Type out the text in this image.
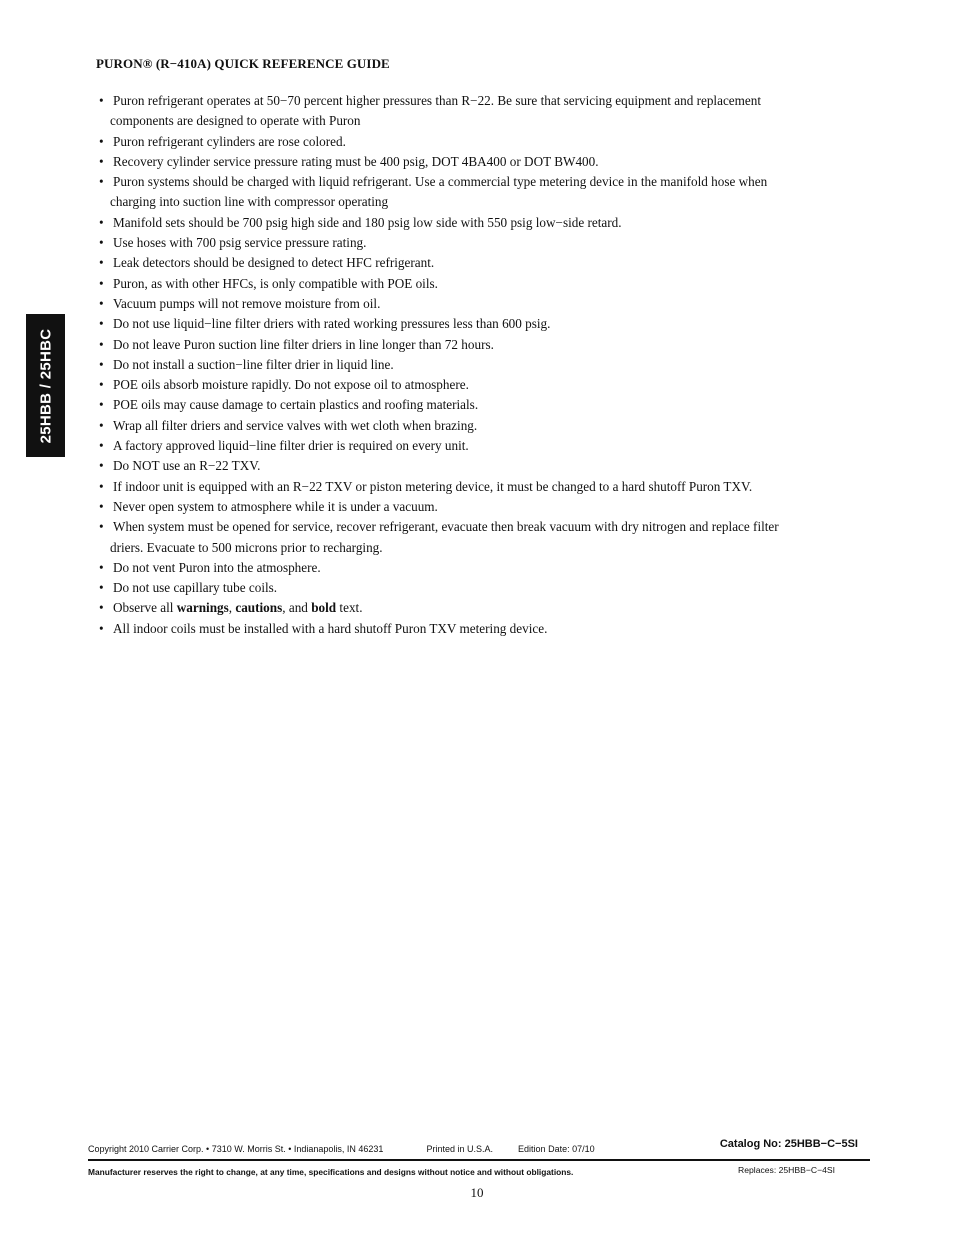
25HBB / 25HBC
PURON® (R−410A) QUICK REFERENCE GUIDE
• Puron refrigerant operates at 50−70 percent higher pressures than R−22. Be sure that servicing equipment and replacement
components are designed to operate with Puron
• Puron refrigerant cylinders are rose colored.
• Recovery cylinder service pressure rating must be 400 psig, DOT 4BA400 or DOT BW400.
• Puron systems should be charged with liquid refrigerant. Use a commercial type metering device in the manifold hose when
charging into suction line with compressor operating
• Manifold sets should be 700 psig high side and 180 psig low side with 550 psig low−side retard.
• Use hoses with 700 psig service pressure rating.
• Leak detectors should be designed to detect HFC refrigerant.
• Puron, as with other HFCs, is only compatible with POE oils.
• Vacuum pumps will not remove moisture from oil.
• Do not use liquid−line filter driers with rated working pressures less than 600 psig.
• Do not leave Puron suction line filter driers in line longer than 72 hours.
• Do not install a suction−line filter drier in liquid line.
• POE oils absorb moisture rapidly. Do not expose oil to atmosphere.
• POE oils may cause damage to certain plastics and roofing materials.
• Wrap all filter driers and service valves with wet cloth when brazing.
• A factory approved liquid−line filter drier is required on every unit.
• Do NOT use an R−22 TXV.
• If indoor unit is equipped with an R−22 TXV or piston metering device, it must be changed to a hard shutoff Puron TXV.
• Never open system to atmosphere while it is under a vacuum.
• When system must be opened for service, recover refrigerant, evacuate then break vacuum with dry nitrogen and replace filter
driers. Evacuate to 500 microns prior to recharging.
• Do not vent Puron into the atmosphere.
• Do not use capillary tube coils.
• Observe all warnings, cautions, and bold text.
• All indoor coils must be installed with a hard shutoff Puron TXV metering device.
Copyright 2010 Carrier Corp. • 7310 W. Morris St. • Indianapolis, IN 46231	Printed in U.S.A.	Edition Date: 07/10	Catalog No: 25HBB−C−5SI
Manufacturer reserves the right to change, at any time, specifications and designs without notice and without obligations.	Replaces: 25HBB−C−4SI
10
